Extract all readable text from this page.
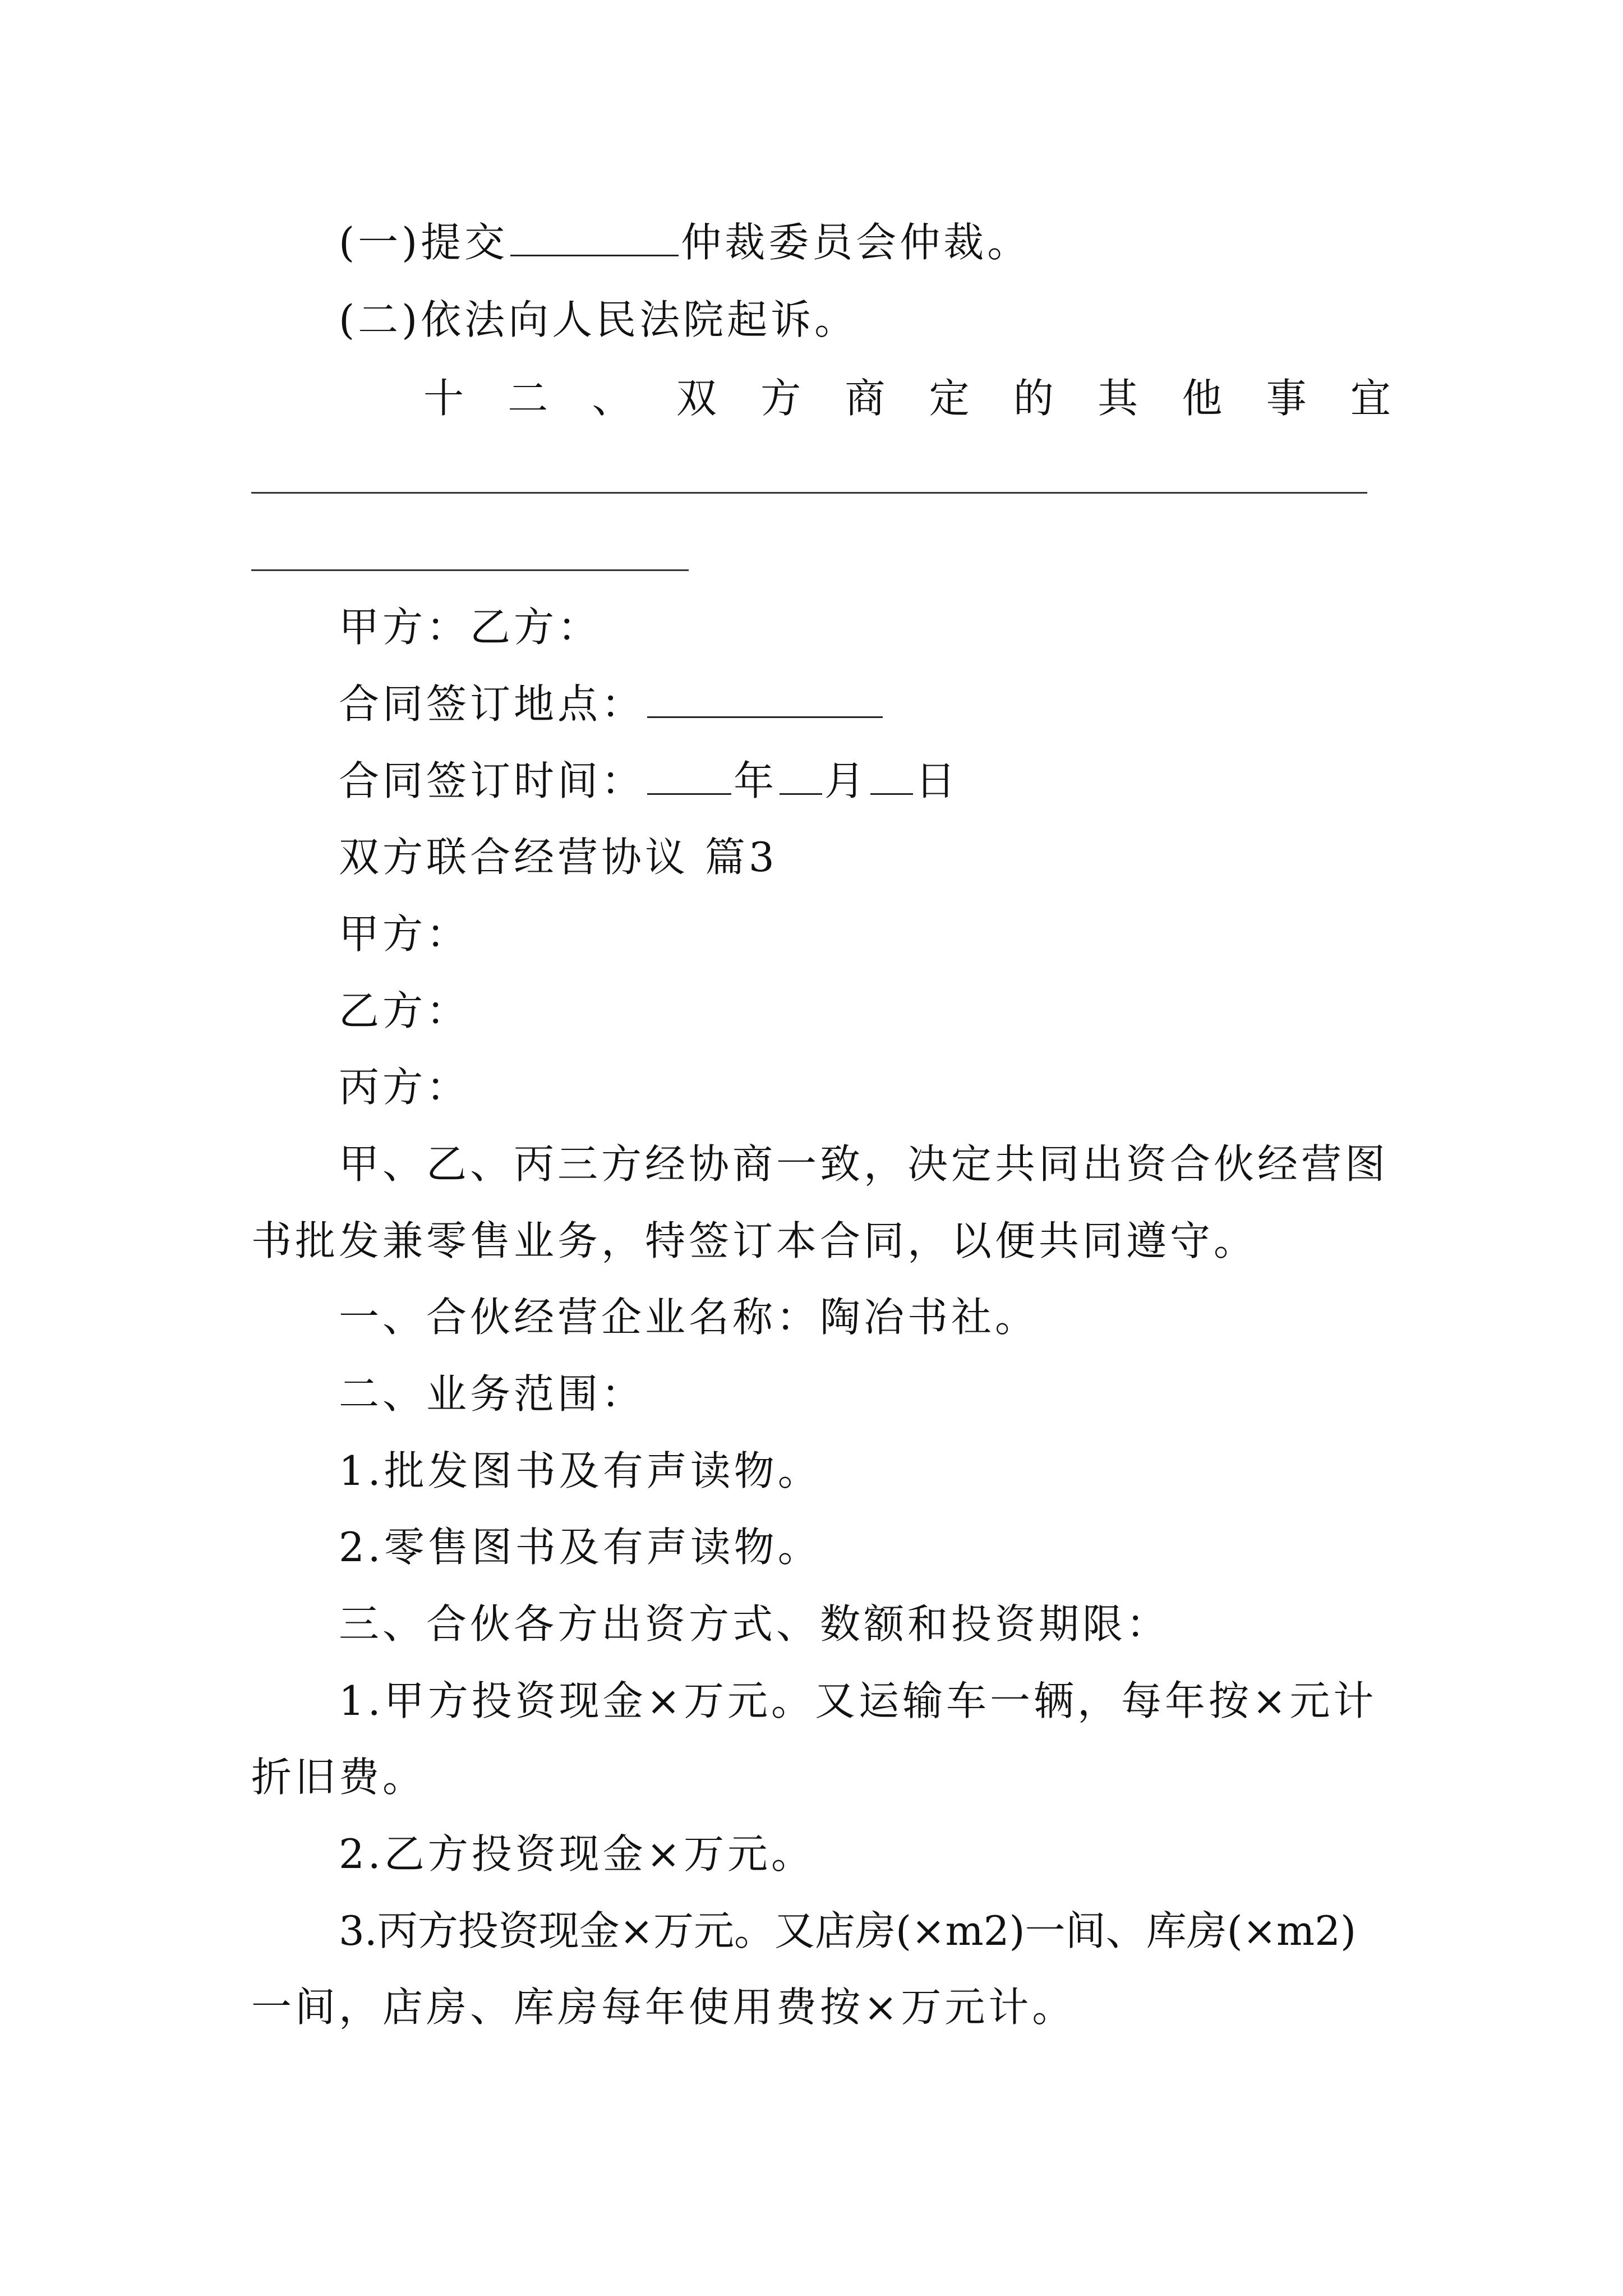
(一)提交	仲裁委员会仲裁。
(二)依法向人民法院起诉。
十 二 、 双 方 商 定 的 其 他 事 宜
甲方：乙方：
合同签订地点：
合同签订时间： 年 月 日
双方联合经营协议 篇3
甲方：
乙方：
丙方：
甲、乙、丙三方经协商一致，决定共同出资合伙经营图
书批发兼零售业务，特签订本合同，以便共同遵守。
一、合伙经营企业名称：陶冶书社。
二、业务范围：
1.批发图书及有声读物。
2.零售图书及有声读物。
三、合伙各方出资方式、数额和投资期限：
1.甲方投资现金×万元。又运输车一辆，每年按×元计
折旧费。
2.乙方投资现金×万元。
3.丙方投资现金×万元。又店房(×m2)一间、库房(×m2)
一间，店房、库房每年使用费按×万元计。
